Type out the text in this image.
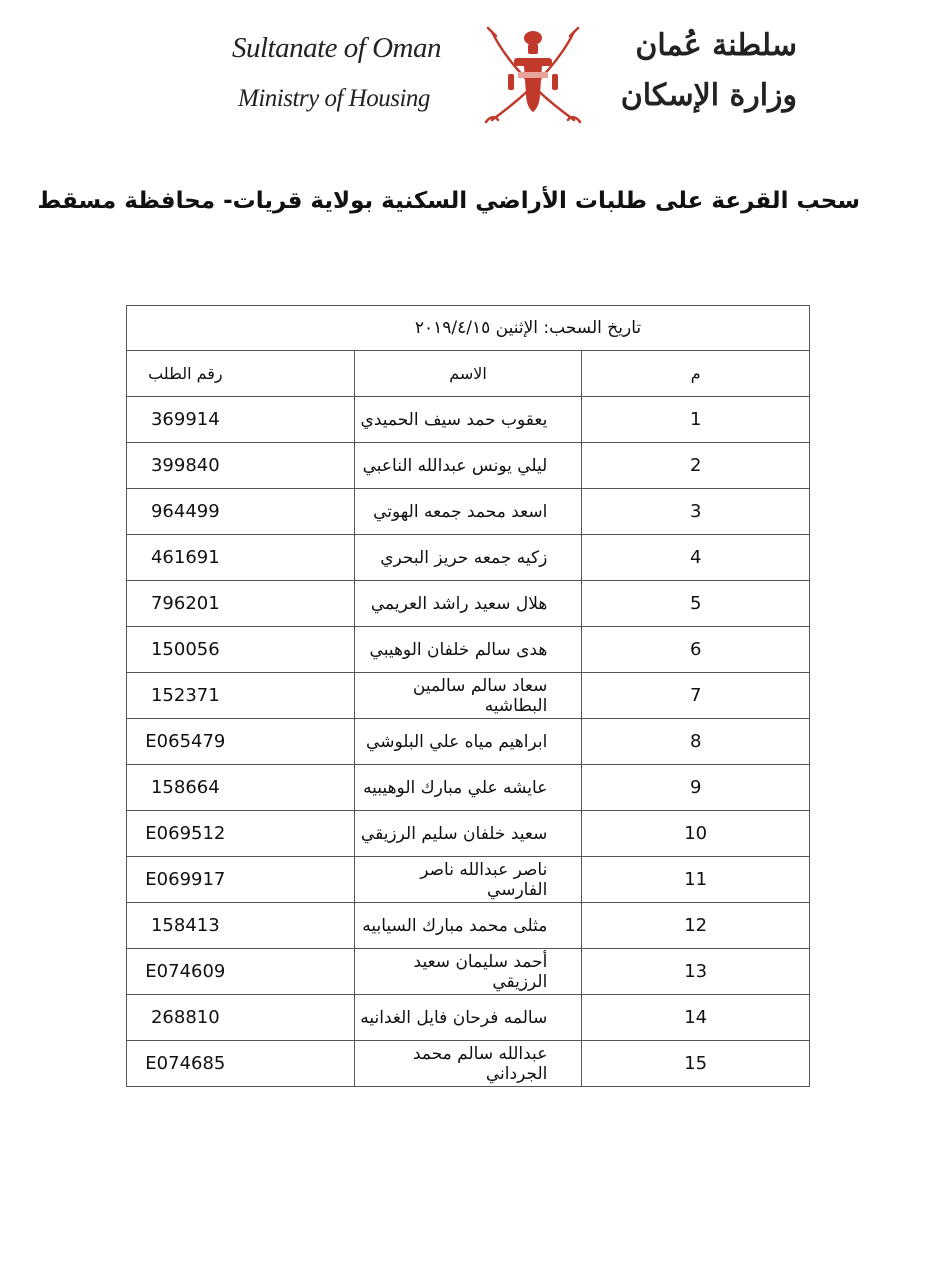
Sultanate of Oman
Ministry of Housing
سلطنة عُمان
وزارة الإسكان
سحب القرعة على طلبات الأراضي السكنية بولاية قريات- محافظة مسقط
تاريخ السحب: الإثنين ٢٠١٩/٤/١٥		
م	الاسم	رقم الطلب
1	يعقوب حمد سيف الحميدي	369914
2	ليلي يونس عبدالله الناعبي	399840
3	اسعد محمد جمعه الهوتي	964499
4	زكيه جمعه حريز البحري	461691
5	هلال سعيد راشد العريمي	796201
6	هدى سالم خلفان الوهيبي	150056
7	سعاد سالم سالمين البطاشيه	152371
8	ابراهيم مياه علي البلوشي	E065479
9	عايشه علي مبارك الوهيبيه	158664
10	سعيد خلفان سليم الرزيقي	E069512
11	ناصر عبدالله ناصر الفارسي	E069917
12	مثلى محمد مبارك السيابيه	158413
13	أحمد سليمان سعيد الرزيقي	E074609
14	سالمه فرحان فايل الغدانيه	268810
15	عبدالله سالم محمد الجرداني	E074685
